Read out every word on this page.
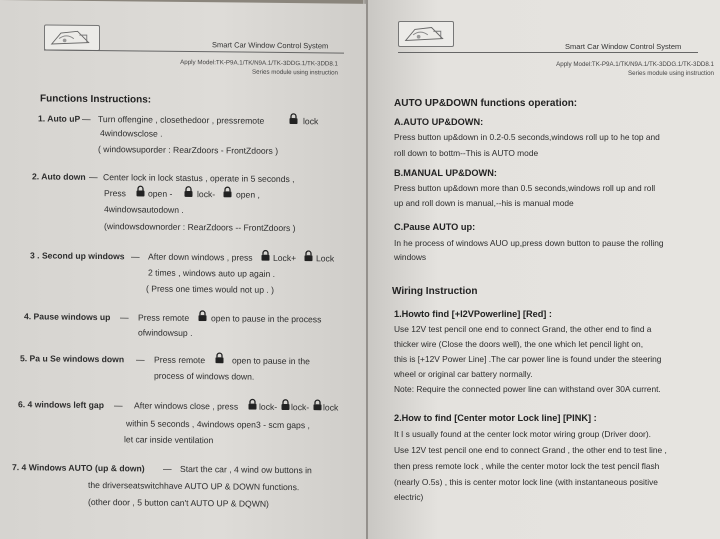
Smart Car Window Control System
Apply Model:TK-P9A.1/TK/N9A.1/TK-3DDG.1/TK-3DD8.1
Series module using instruction
Functions Instructions:
1. Auto uP — Turn offengine , closethedoor , pressremote	lock
4windowsclose .
( windowsuporder : RearZdoors - FrontZdoors )
2. Auto down — Center lock in lock stastus , operate in 5 seconds ,
Press	open -	lock- open ,
4windowsautodown .
(windowsdownorder : RearZdoors -- FrontZdoors )
3 . Second up windows — After down windows , press Lock+ Lock
2 times , windows auto up again .
( Press one times would not up . )
4. Pause windows up — Press remote	open to pause in the process
ofwindowsup .
5. Pa u Se windows down — Press remote	open to pause in the
process of windows down.
6. 4 windows left gap — After windows close , press lock- lock- lock
within 5 seconds , 4windows open3 - scm gaps ,
let car inside ventilation
7. 4 Windows AUTO (up & down) — Start the car , 4 wind ow buttons in
the driverseatswitchhave AUTO UP & DOWN functions.
(other door , 5 button can't AUTO UP & DQWN)
Smart Car Window Control System
Apply Model:TK-P9A.1/TK/N9A.1/TK-3DDG.1/TK-3DD8.1
Series module using instruction
AUTO UP&DOWN functions operation:
A.AUTO UP&DOWN:
Press button up&down in 0.2-0.5 seconds,windows roll up to he top and
roll down to bottm--This is AUTO mode
B.MANUAL UP&DOWN:
Press button up&down more than 0.5 seconds,windows roll up and roll
up and roll down is manual,--his is manual mode
C.Pause AUTO up:
In he process of windows AUO up,press down button to pause the rolling
windows
Wiring Instruction
1.Howto find [+I2VPowerline] [Red] :
Use 12V test pencil one end to connect Grand, the other end to find a
thicker wire (Close the doors well), the one which let pencil light on,
this is [+12V Power Line] .The car power line is found under the steering
wheel or original car battery normally.
Note: Require the connected power line can withstand over 30A current.
2.How to find [Center motor Lock line] [PINK] :
It I s usually found at the center lock motor wiring group (Driver door).
Use 12V test pencil one end to connect Grand , the other end to test line ,
then press remote lock , while the center motor lock the test pencil flash
(nearly O.5s) , this is center motor lock line (with instantaneous positive
electric)
